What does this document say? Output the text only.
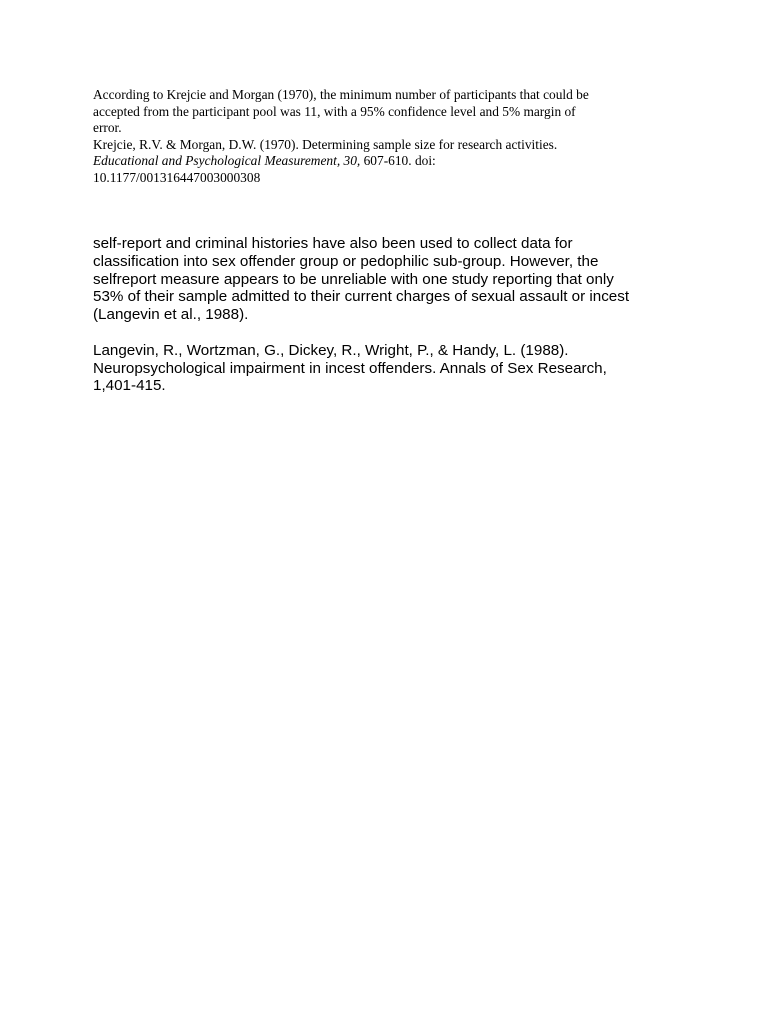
According to Krejcie and Morgan (1970), the minimum number of participants that could be
accepted from the participant pool was 11, with a 95% confidence level and 5% margin of
error.

Krejcie, R.V. & Morgan, D.W. (1970). Determining sample size for research activities.
Educational and Psychological Measurement, 30, 607-610. doi:
10.1177/001316447003000308

self-report and criminal histories have also been used to collect data for
classification into sex offender group or pedophilic sub-group. However, the
selfreport measure appears to be unreliable with one study reporting that only
53% of their sample admitted to their current charges of sexual assault or incest
(Langevin et al., 1988).

Langevin, R., Wortzman, G., Dickey, R., Wright, P., & Handy, L. (1988).
Neuropsychological impairment in incest offenders. Annals of Sex Research,
1,401-415.
